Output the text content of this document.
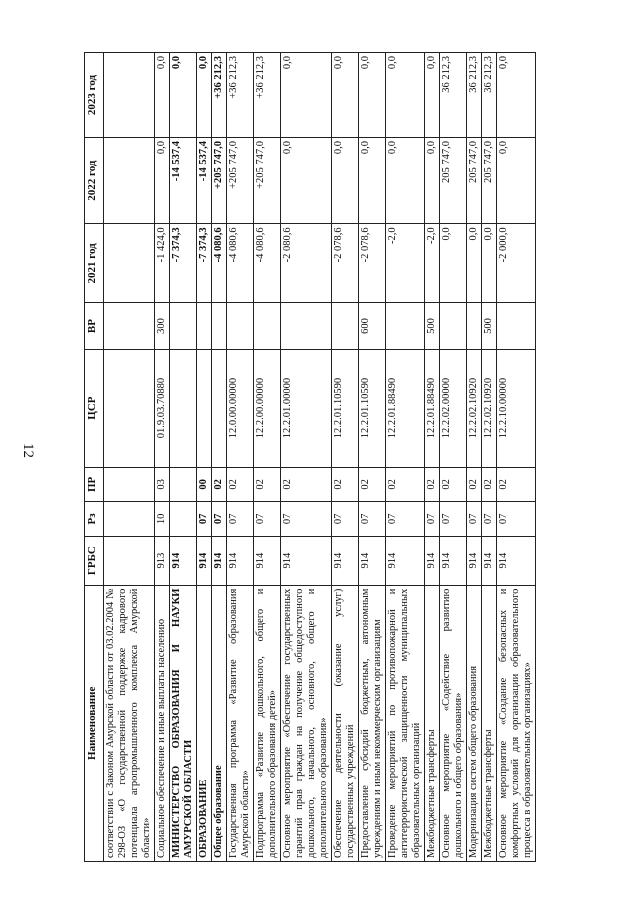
12
Наименование	ГРБС	Рз	ПР	ЦСР	ВР	2021 год	2022 год	2023 год
соответствии с Законом Амурской области от 03.02.2004 № 298-ОЗ «О государственной поддержке кадрового потенциала агропромышленного комплекса Амурской области»								
Социальное обеспечение и иные выплаты населению	913	10	03	01.9.03.70880	300	-1 424,0	0,0	0,0
МИНИСТЕРСТВО ОБРАЗОВАНИЯ И НАУКИ АМУРСКОЙ ОБЛАСТИ	914					-7 374,3	-14 537,4	0,0
ОБРАЗОВАНИЕ	914	07	00			-7 374,3	-14 537,4	0,0
Общее образование	914	07	02			-4 080,6	+205 747,0	+36 212,3
Государственная программа «Развитие образования Амурской области»	914	07	02	12.0.00.00000		-4 080,6	+205 747,0	+36 212,3
Подпрограмма «Развитие дошкольного, общего и дополнительного образования детей»	914	07	02	12.2.00.00000		-4 080,6	+205 747,0	+36 212,3
Основное мероприятие «Обеспечение государственных гарантий прав граждан на получение общедоступного дошкольного, начального, основного, общего и дополнительного образования»	914	07	02	12.2.01.00000		-2 080,6	0,0	0,0
Обеспечение деятельности (оказание услуг) государственных учреждений	914	07	02	12.2.01.10590		-2 078,6	0,0	0,0
Предоставление субсидий бюджетным, автономным учреждениям и иным некоммерческим организациям	914	07	02	12.2.01.10590	600	-2 078,6	0,0	0,0
Проведение мероприятий по противопожарной и антитеррористической защищенности муниципальных образовательных организаций	914	07	02	12.2.01.88490		-2,0	0,0	0,0
Межбюджетные трансферты	914	07	02	12.2.01.88490	500	-2,0	0,0	0,0
Основное мероприятие «Содействие развитию дошкольного и общего образования»	914	07	02	12.2.02.00000		0,0	205 747,0	36 212,3
Модернизация систем общего образования	914	07	02	12.2.02.10920		0,0	205 747,0	36 212,3
Межбюджетные трансферты	914	07	02	12.2.02.10920	500	0,0	205 747,0	36 212,3
Основное мероприятие «Создание безопасных и комфортных условий для организации образовательного процесса в образовательных организациях»	914	07	02	12.2.10.00000		-2 000,0	0,0	0,0
